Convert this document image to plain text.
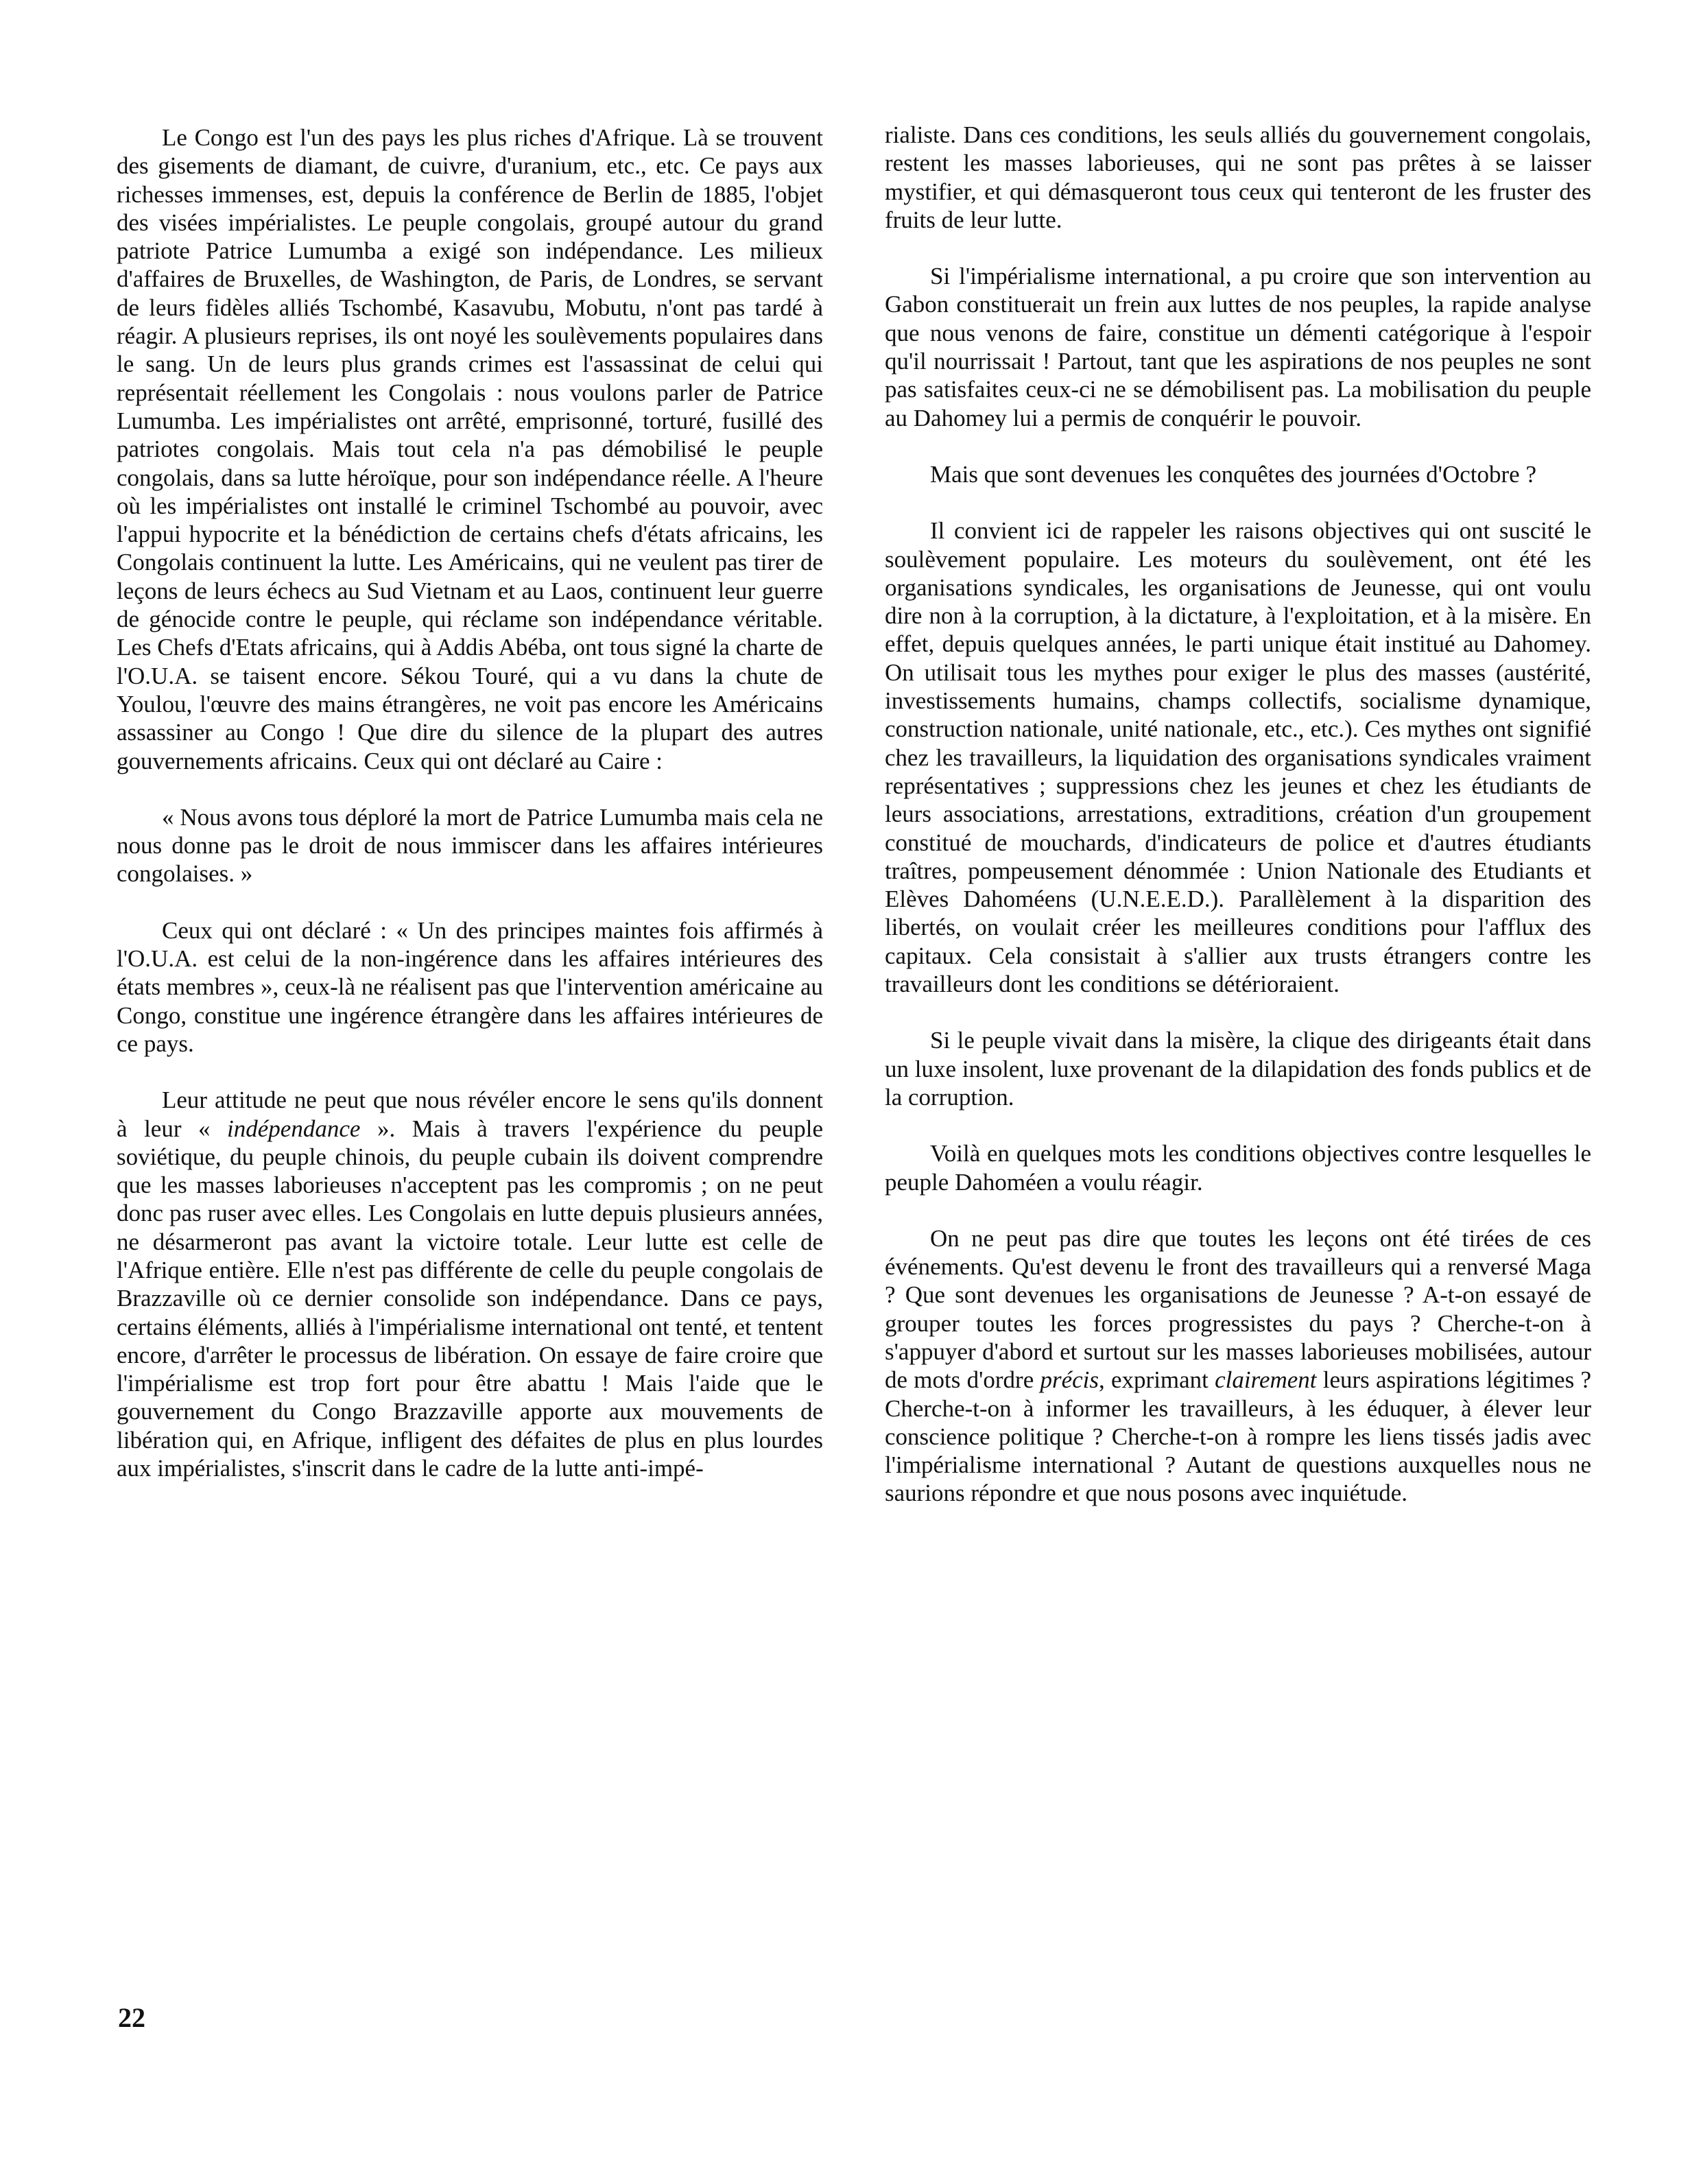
Le Congo est l'un des pays les plus riches d'Afrique. Là se trouvent des gisements de diamant, de cuivre, d'uranium, etc., etc. Ce pays aux richesses immenses, est, depuis la conférence de Berlin de 1885, l'objet des visées impérialistes. Le peuple congolais, groupé autour du grand patriote Patrice Lumumba a exigé son indépendance. Les milieux d'affaires de Bruxelles, de Washington, de Paris, de Londres, se servant de leurs fidèles alliés Tschombé, Kasavubu, Mobutu, n'ont pas tardé à réagir. A plusieurs reprises, ils ont noyé les soulèvements populaires dans le sang. Un de leurs plus grands crimes est l'assassinat de celui qui représentait réellement les Congolais : nous voulons parler de Patrice Lumumba. Les impérialistes ont arrêté, emprisonné, torturé, fusillé des patriotes congolais. Mais tout cela n'a pas démobilisé le peuple congolais, dans sa lutte héroïque, pour son indépendance réelle. A l'heure où les impérialistes ont installé le criminel Tschombé au pouvoir, avec l'appui hypocrite et la bénédiction de certains chefs d'états africains, les Congolais continuent la lutte. Les Américains, qui ne veulent pas tirer de leçons de leurs échecs au Sud Vietnam et au Laos, continuent leur guerre de génocide contre le peuple, qui réclame son indépendance véritable. Les Chefs d'Etats africains, qui à Addis Abéba, ont tous signé la charte de l'O.U.A. se taisent encore. Sékou Touré, qui a vu dans la chute de Youlou, l'œuvre des mains étrangères, ne voit pas encore les Américains assassiner au Congo ! Que dire du silence de la plupart des autres gouvernements africains. Ceux qui ont déclaré au Caire :

« Nous avons tous déploré la mort de Patrice Lumumba mais cela ne nous donne pas le droit de nous immiscer dans les affaires intérieures congolaises. »

Ceux qui ont déclaré : « Un des principes maintes fois affirmés à l'O.U.A. est celui de la non-ingérence dans les affaires intérieures des états membres », ceux-là ne réalisent pas que l'intervention américaine au Congo, constitue une ingérence étrangère dans les affaires intérieures de ce pays.

Leur attitude ne peut que nous révéler encore le sens qu'ils donnent à leur « indépendance ». Mais à travers l'expérience du peuple soviétique, du peuple chinois, du peuple cubain ils doivent comprendre que les masses laborieuses n'acceptent pas les compromis ; on ne peut donc pas ruser avec elles. Les Congolais en lutte depuis plusieurs années, ne désarmeront pas avant la victoire totale. Leur lutte est celle de l'Afrique entière. Elle n'est pas différente de celle du peuple congolais de Brazzaville où ce dernier consolide son indépendance. Dans ce pays, certains éléments, alliés à l'impérialisme international ont tenté, et tentent encore, d'arrêter le processus de libération. On essaye de faire croire que l'impérialisme est trop fort pour être abattu ! Mais l'aide que le gouvernement du Congo Brazzaville apporte aux mouvements de libération qui, en Afrique, infligent des défaites de plus en plus lourdes aux impérialistes, s'inscrit dans le cadre de la lutte anti-impé-

rialiste. Dans ces conditions, les seuls alliés du gouvernement congolais, restent les masses laborieuses, qui ne sont pas prêtes à se laisser mystifier, et qui démasqueront tous ceux qui tenteront de les fruster des fruits de leur lutte.

Si l'impérialisme international, a pu croire que son intervention au Gabon constituerait un frein aux luttes de nos peuples, la rapide analyse que nous venons de faire, constitue un démenti catégorique à l'espoir qu'il nourrissait ! Partout, tant que les aspirations de nos peuples ne sont pas satisfaites ceux-ci ne se démobilisent pas. La mobilisation du peuple au Dahomey lui a permis de conquérir le pouvoir.

Mais que sont devenues les conquêtes des journées d'Octobre ?

Il convient ici de rappeler les raisons objectives qui ont suscité le soulèvement populaire. Les moteurs du soulèvement, ont été les organisations syndicales, les organisations de Jeunesse, qui ont voulu dire non à la corruption, à la dictature, à l'exploitation, et à la misère. En effet, depuis quelques années, le parti unique était institué au Dahomey. On utilisait tous les mythes pour exiger le plus des masses (austérité, investissements humains, champs collectifs, socialisme dynamique, construction nationale, unité nationale, etc., etc.). Ces mythes ont signifié chez les travailleurs, la liquidation des organisations syndicales vraiment représentatives ; suppressions chez les jeunes et chez les étudiants de leurs associations, arrestations, extraditions, création d'un groupement constitué de mouchards, d'indicateurs de police et d'autres étudiants traîtres, pompeusement dénommée : Union Nationale des Etudiants et Elèves Dahoméens (U.N.E.E.D.). Parallèlement à la disparition des libertés, on voulait créer les meilleures conditions pour l'afflux des capitaux. Cela consistait à s'allier aux trusts étrangers contre les travailleurs dont les conditions se détérioraient.

Si le peuple vivait dans la misère, la clique des dirigeants était dans un luxe insolent, luxe provenant de la dilapidation des fonds publics et de la corruption.

Voilà en quelques mots les conditions objectives contre lesquelles le peuple Dahoméen a voulu réagir.

On ne peut pas dire que toutes les leçons ont été tirées de ces événements. Qu'est devenu le front des travailleurs qui a renversé Maga ? Que sont devenues les organisations de Jeunesse ? A-t-on essayé de grouper toutes les forces progressistes du pays ? Cherche-t-on à s'appuyer d'abord et surtout sur les masses laborieuses mobilisées, autour de mots d'ordre précis, exprimant clairement leurs aspirations légitimes ? Cherche-t-on à informer les travailleurs, à les éduquer, à élever leur conscience politique ? Cherche-t-on à rompre les liens tissés jadis avec l'impérialisme international ? Autant de questions auxquelles nous ne saurions répondre et que nous posons avec inquiétude.

22
